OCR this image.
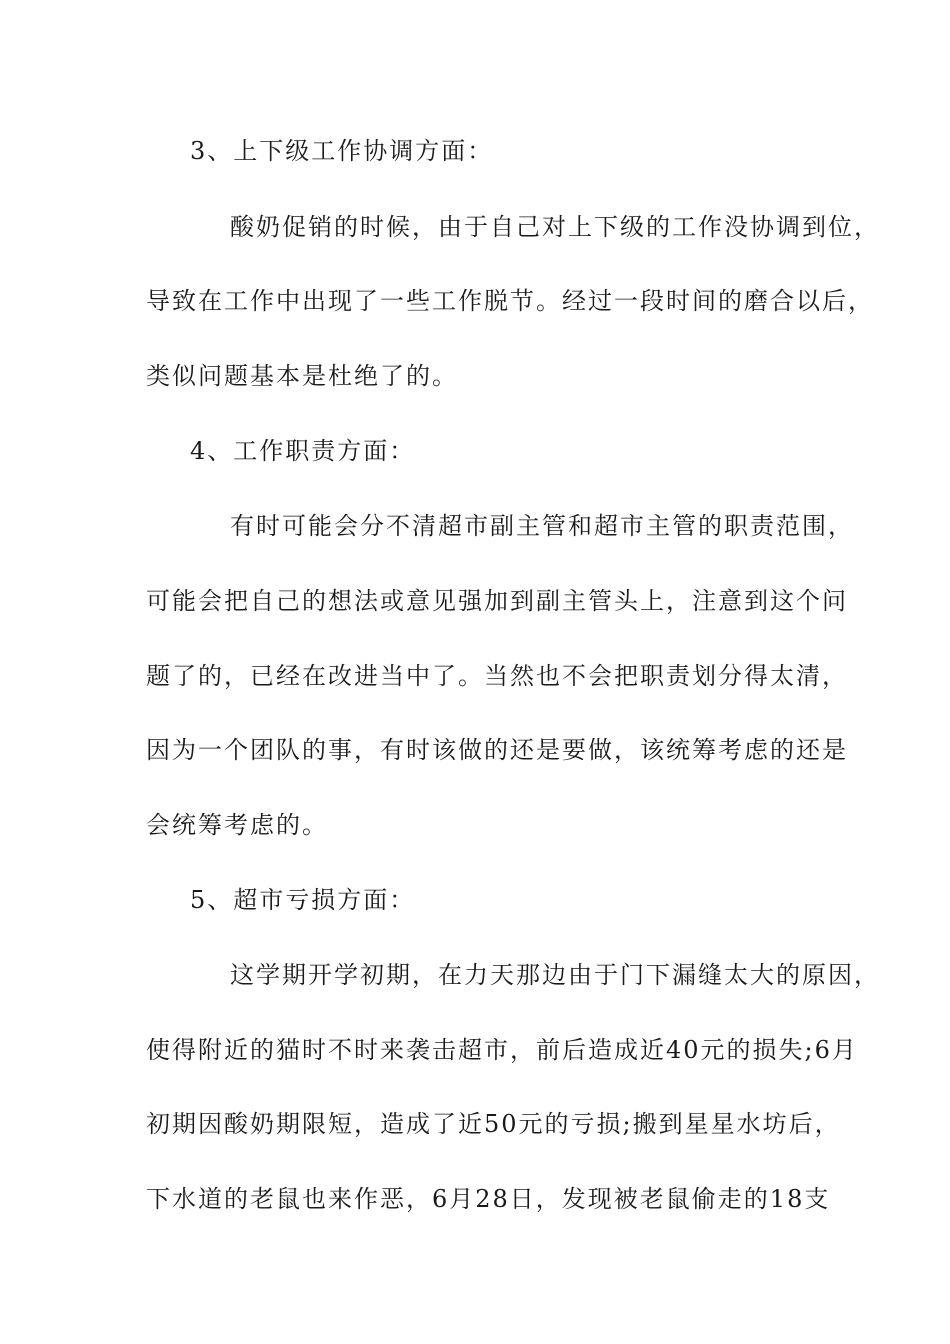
3、上下级工作协调方面：
酸奶促销的时候，由于自己对上下级的工作没协调到位，
导致在工作中出现了一些工作脱节。经过一段时间的磨合以后，
类似问题基本是杜绝了的。
4、工作职责方面：
有时可能会分不清超市副主管和超市主管的职责范围，
可能会把自己的想法或意见强加到副主管头上，注意到这个问
题了的，已经在改进当中了。当然也不会把职责划分得太清，
因为一个团队的事，有时该做的还是要做，该统筹考虑的还是
会统筹考虑的。
5、超市亏损方面：
这学期开学初期，在力天那边由于门下漏缝太大的原因，
使得附近的猫时不时来袭击超市，前后造成近40元的损失;6月
初期因酸奶期限短，造成了近50元的亏损;搬到星星水坊后，
下水道的老鼠也来作恶，6月28日，发现被老鼠偷走的18支
